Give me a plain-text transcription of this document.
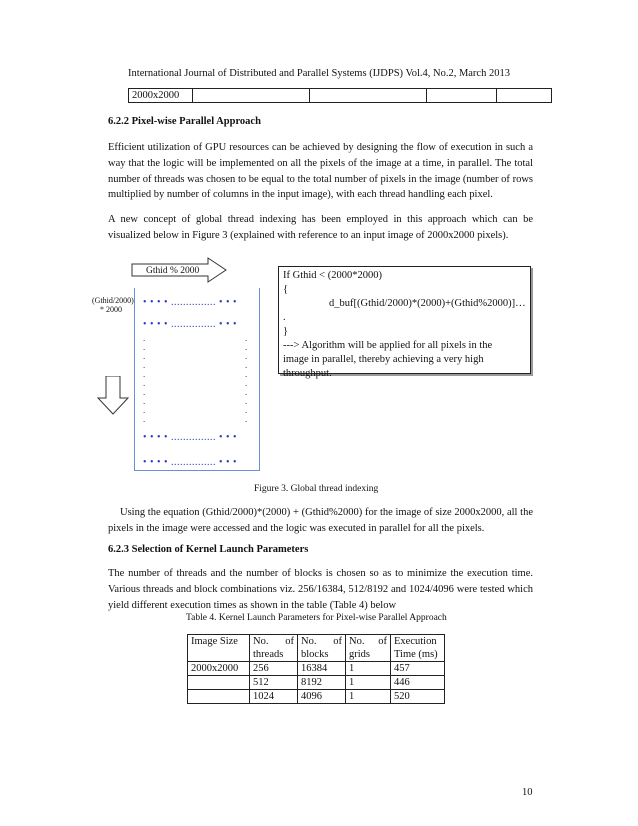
International Journal of Distributed and Parallel Systems (IJDPS) Vol.4, No.2, March 2013
2000x2000				
6.2.2 Pixel-wise Parallel Approach
Efficient utilization of GPU resources can be achieved by designing the flow of execution in such a way that the logic will be implemented on all the pixels of the image at a time, in parallel. The total number of threads was chosen to be equal to the total number of pixels in the image (number of rows multiplied by number of columns in the input image), with each thread handling each pixel.
A new concept of global thread indexing has been employed in this approach which can be visualized below in Figure 3 (explained with reference to an input image of 2000x2000 pixels).
Gthid % 2000
(Gthid/2000)
* 2000
• • • • ............... • • •
• • • • ............... • • •
• • • • ............... • • •
• • • • ............... • • •
.
.
.
.
.
.
.
.
.
.
.
.
.
.
.
.
.
.
.
.
If Gthid < (2000*2000)
{
d_buf[(Gthid/2000)*(2000)+(Gthid%2000)]…
.
}
---> Algorithm will be applied for all pixels in the
image in parallel, thereby achieving a very high
throughput.
Figure 3. Global thread indexing
Using the equation (Gthid/2000)*(2000) + (Gthid%2000) for the image of size 2000x2000, all the pixels in the image were accessed and the logic was executed in parallel for all the pixels.
6.2.3 Selection of Kernel Launch Parameters
The number of threads and the number of blocks is chosen so as to minimize the execution time. Various threads and block combinations viz. 256/16384, 512/8192 and 1024/4096 were tested which yield different execution times as shown in the table (Table 4) below
Table 4. Kernel Launch Parameters for Pixel-wise Parallel Approach
Image Size	No. of threads	No. of blocks	No. of grids	Execution Time (ms)
2000x2000	256	16384	1	457
	512	8192	1	446
	1024	4096	1	520
10
